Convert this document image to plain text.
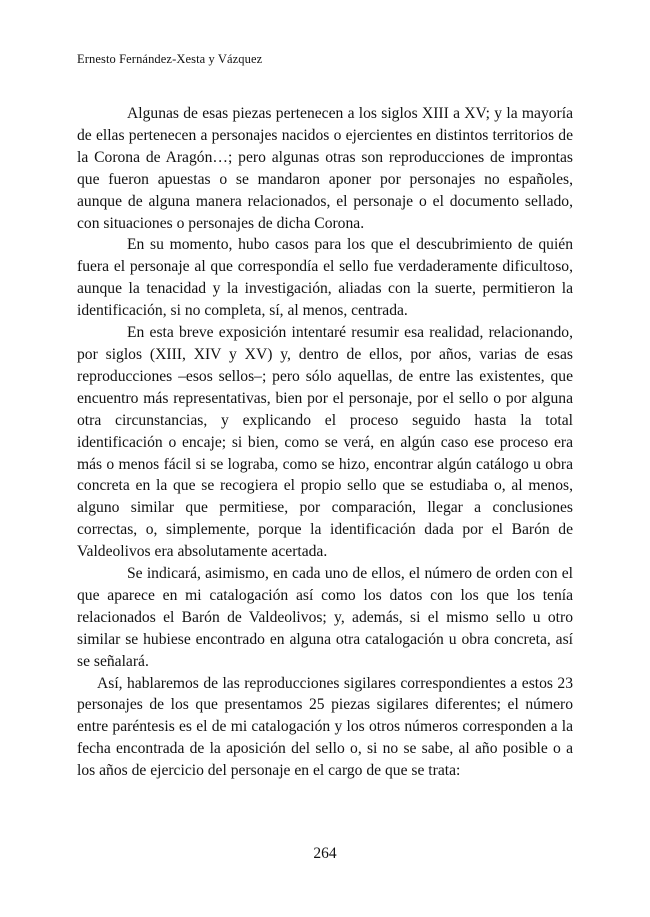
Ernesto Fernández-Xesta y Vázquez

Algunas de esas piezas pertenecen a los siglos XIII a XV; y la mayoría de ellas pertenecen a personajes nacidos o ejercientes en distintos territorios de la Corona de Aragón…; pero algunas otras son reproducciones de improntas que fueron apuestas o se mandaron aponer por personajes no españoles, aunque de alguna manera relacionados, el personaje o el documento sellado, con situaciones o personajes de dicha Corona.

En su momento, hubo casos para los que el descubrimiento de quién fuera el personaje al que correspondía el sello fue verdaderamente dificultoso, aunque la tenacidad y la investigación, aliadas con la suerte, permitieron la identificación, si no completa, sí, al menos, centrada.

En esta breve exposición intentaré resumir esa realidad, relacionando, por siglos (XIII, XIV y XV) y, dentro de ellos, por años, varias de esas reproducciones –esos sellos–; pero sólo aquellas, de entre las existentes, que encuentro más representativas, bien por el personaje, por el sello o por alguna otra circunstancias, y explicando el proceso seguido hasta la total identificación o encaje; si bien, como se verá, en algún caso ese proceso era más o menos fácil si se lograba, como se hizo, encontrar algún catálogo u obra concreta en la que se recogiera el propio sello que se estudiaba o, al menos, alguno similar que permitiese, por comparación, llegar a conclusiones correctas, o, simplemente, porque la identificación dada por el Barón de Valdeolivos era absolutamente acertada.

Se indicará, asimismo, en cada uno de ellos, el número de orden con el que aparece en mi catalogación así como los datos con los que los tenía relacionados el Barón de Valdeolivos; y, además, si el mismo sello u otro similar se hubiese encontrado en alguna otra catalogación u obra concreta, así se señalará.

Así, hablaremos de las reproducciones sigilares correspondientes a estos 23 personajes de los que presentamos 25 piezas sigilares diferentes; el número entre paréntesis es el de mi catalogación y los otros números corresponden a la fecha encontrada de la aposición del sello o, si no se sabe, al año posible o a los años de ejercicio del personaje en el cargo de que se trata:

264
